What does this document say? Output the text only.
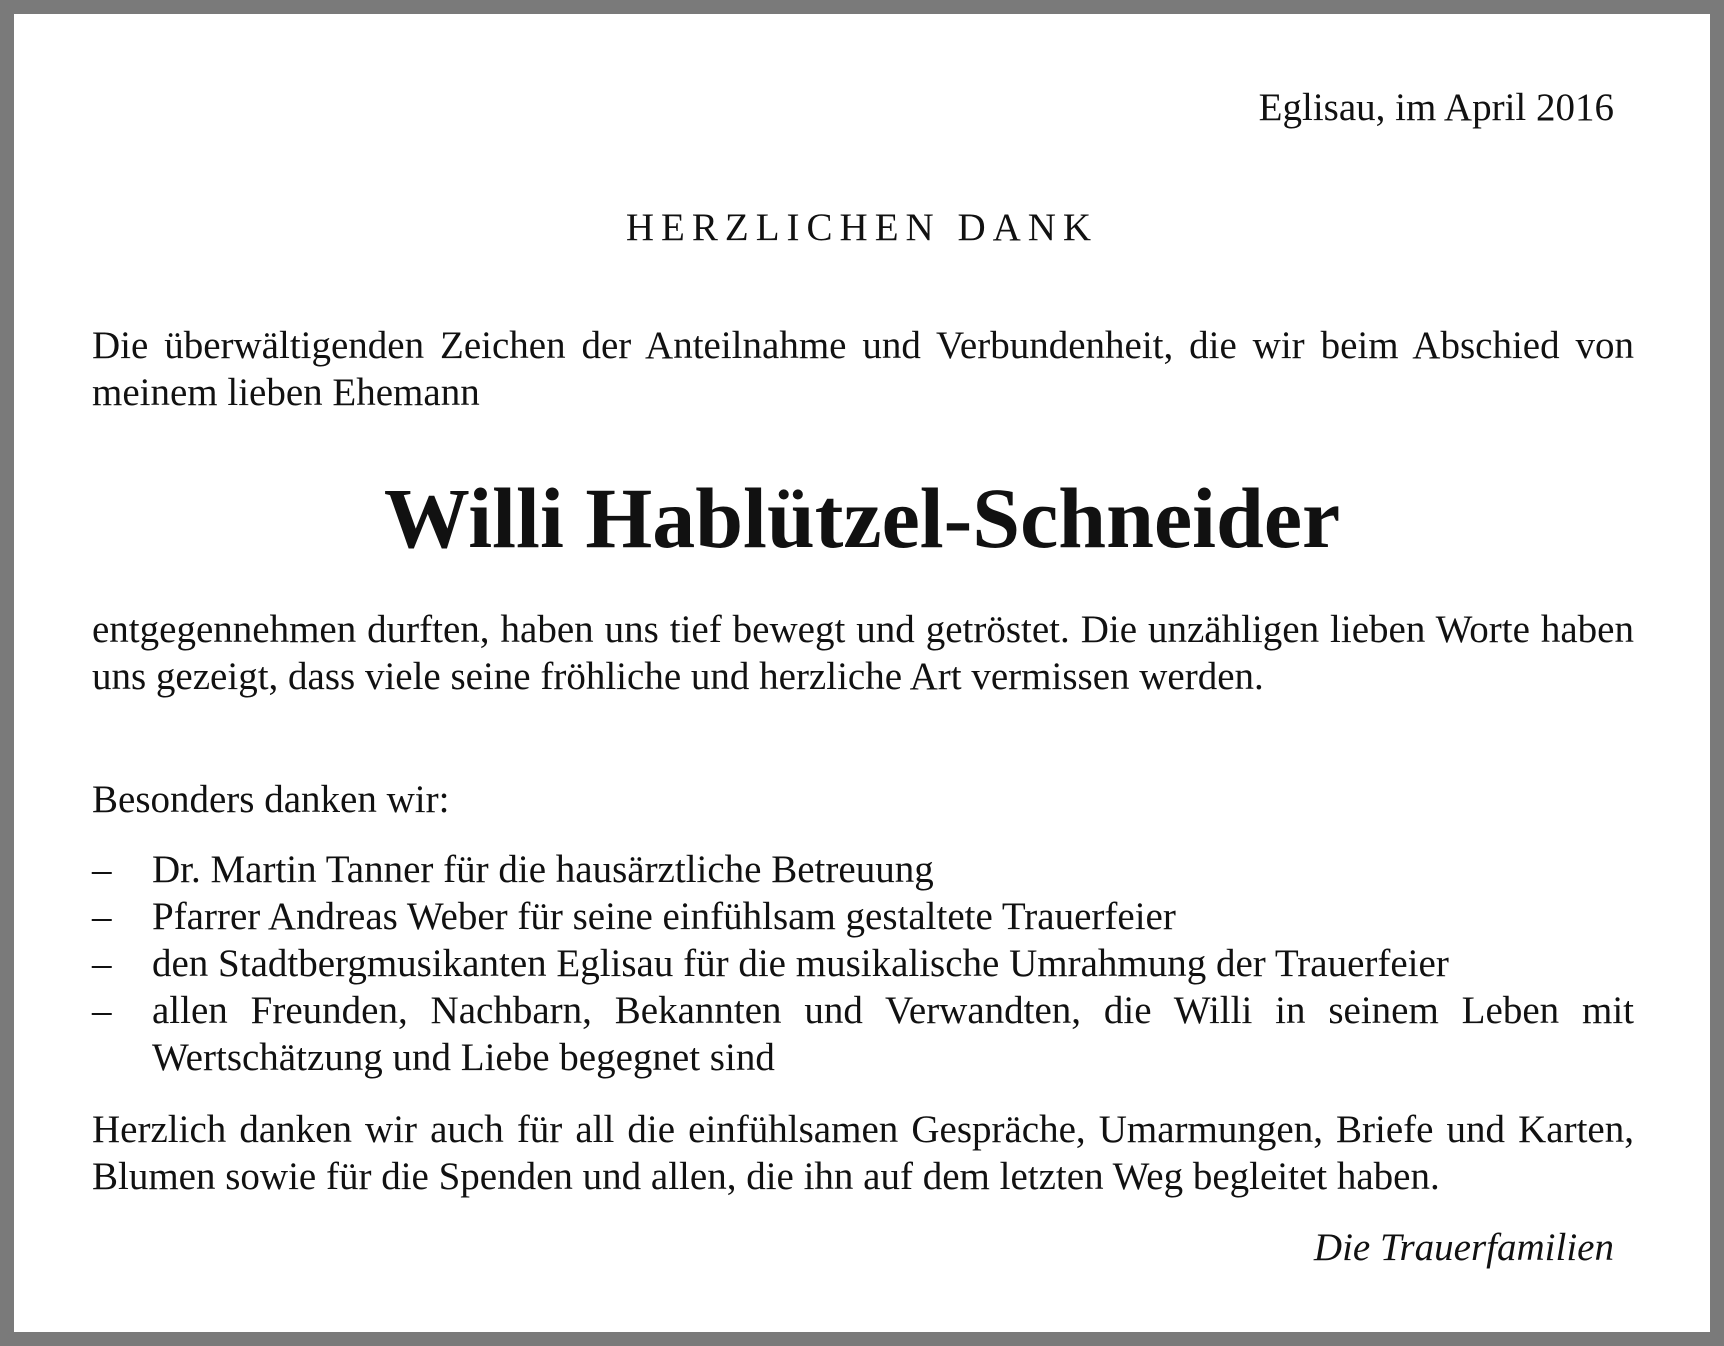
Eglisau, im April 2016
HERZLICHEN DANK
Die überwältigenden Zeichen der Anteilnahme und Verbundenheit, die wir beim Abschied von meinem lieben Ehemann
Willi Hablützel-Schneider
entgegennehmen durften, haben uns tief bewegt und getröstet. Die unzähligen lieben Worte haben uns gezeigt, dass viele seine fröhliche und herzliche Art vermissen werden.
Besonders danken wir:
– Dr. Martin Tanner für die hausärztliche Betreuung
– Pfarrer Andreas Weber für seine einfühlsam gestaltete Trauerfeier
– den Stadtbergmusikanten Eglisau für die musikalische Umrahmung der Trauerfeier
– allen Freunden, Nachbarn, Bekannten und Verwandten, die Willi in seinem Leben mit Wertschätzung und Liebe begegnet sind
Herzlich danken wir auch für all die einfühlsamen Gespräche, Umarmungen, Briefe und Karten, Blumen sowie für die Spenden und allen, die ihn auf dem letzten Weg begleitet haben.
Die Trauerfamilien
